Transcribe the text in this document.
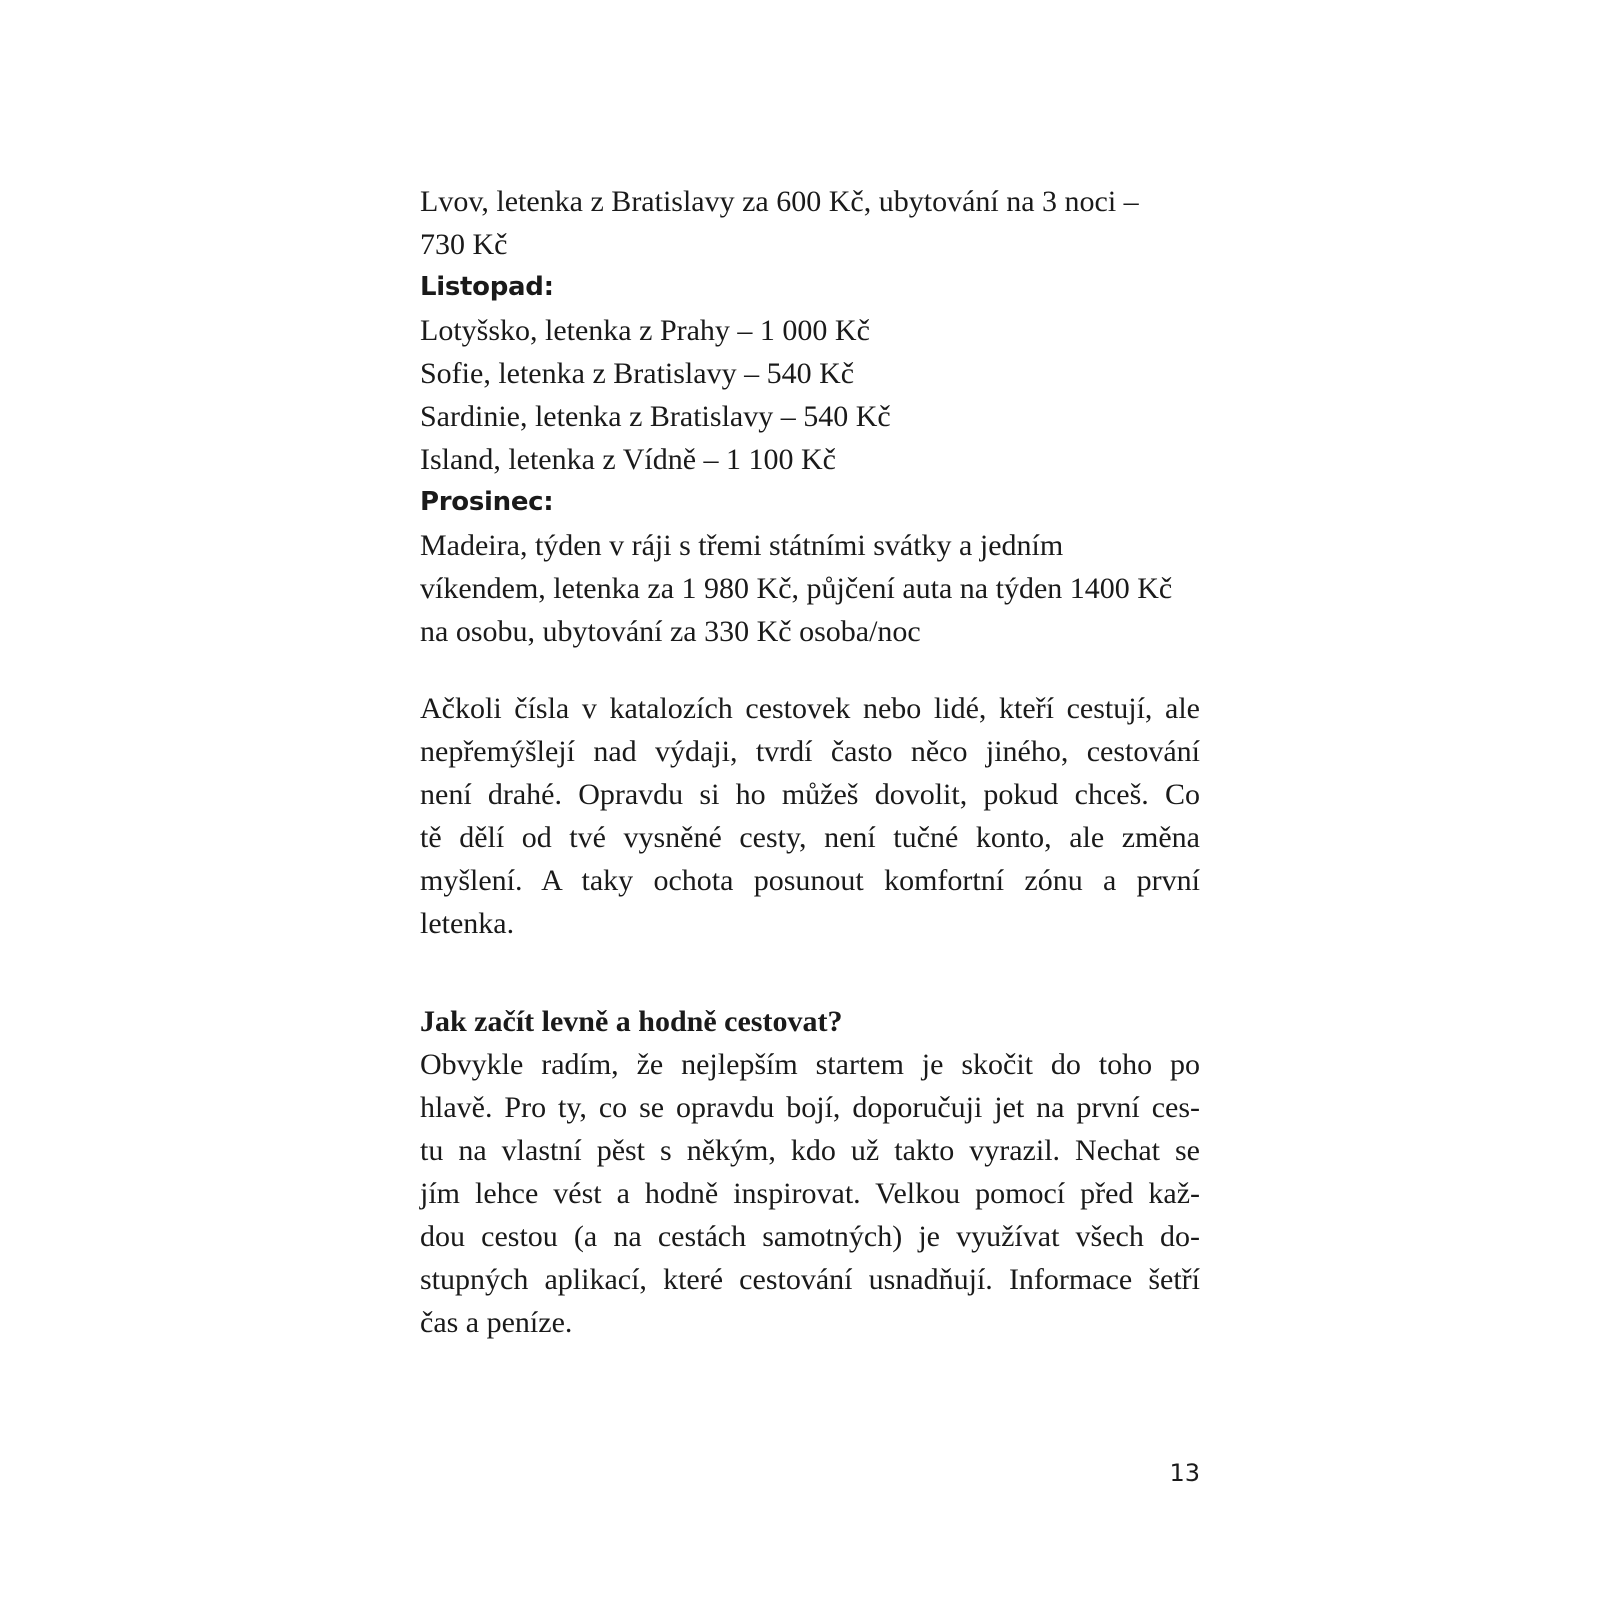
Lvov, letenka z Bratislavy za 600 Kč, ubytování na 3 noci –
730 Kč
Listopad:
Lotyšsko, letenka z Prahy – 1 000 Kč
Sofie, letenka z Bratislavy – 540 Kč
Sardinie, letenka z Bratislavy – 540 Kč
Island, letenka z Vídně – 1 100 Kč
Prosinec:
Madeira, týden v ráji s třemi státními svátky a jedním
víkendem, letenka za 1 980 Kč, půjčení auta na týden 1400 Kč
na osobu, ubytování za 330 Kč osoba/noc
Ačkoli čísla v katalozích cestovek nebo lidé, kteří cestují, ale
nepřemýšlejí nad výdaji, tvrdí často něco jiného, cestování
není drahé. Opravdu si ho můžeš dovolit, pokud chceš. Co
tě dělí od tvé vysněné cesty, není tučné konto, ale změna
myšlení. A taky ochota posunout komfortní zónu a první
letenka.
Jak začít levně a hodně cestovat?
Obvykle radím, že nejlepším startem je skočit do toho po
hlavě. Pro ty, co se opravdu bojí, doporučuji jet na první ces-
tu na vlastní pěst s někým, kdo už takto vyrazil. Nechat se
jím lehce vést a hodně inspirovat. Velkou pomocí před kaž-
dou cestou (a na cestách samotných) je využívat všech do-
stupných aplikací, které cestování usnadňují. Informace šetří
čas a peníze.
13
